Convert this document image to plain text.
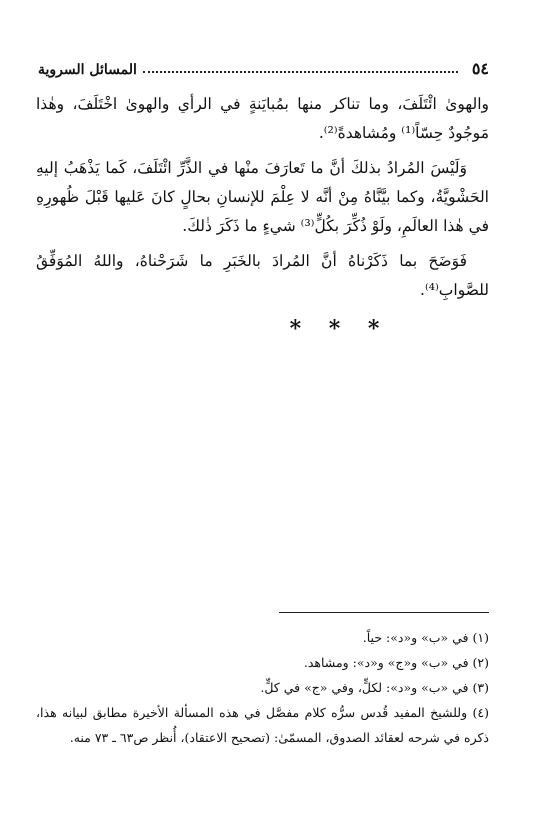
٥٤
المسائل السروية

والهوىٰ ائْتَلَفَ، وما تناكر منها بمُبايَنةٍ في الرأي والهوىٰ اخْتَلَفَ، وهٰذا مَوجُودٌ حِسّاً⁽¹⁾ ومُشاهدةً⁽²⁾.

وَلَيْسَ المُرادُ بذلكَ أنَّ ما تَعارَفَ منْها في الذَّرِّ ائْتَلَفَ، كَما يَذْهَبُ إليهِ الحَشْويَّةُ، وكما بيَّنَّاهُ مِنْ أنَّه لا عِلْمَ للإنسانِ بحالٍ كانَ عَليها قَبْلَ ظُهورِهِ في هٰذا العالَمِ، ولَوْ ذُكِّرَ بكُلٍّ⁽³⁾ شيءٍ ما ذَكَرَ ذٰلكَ.

فَوَضَحَ بما ذَكَرْناهُ أنَّ المُرادَ بالخَبَرِ ما شَرَحْناهُ، واللهُ المُوَفِّقُ للصَّوابِ⁽⁴⁾.

* * *

(١) في «ب» و«د»: حياً.

(٢) في «ب» و«ج» و«د»: ومشاهد.

(٣) في «ب» و«د»: لكلٍّ، وفي «ج» في كلٍّ.

(٤) وللشيخ المفيد قُدس سرُّه كلام مفصَّل في هذه المسألة الأخيرة مطابق لبيانه هذا، ذكره في شرحه لعقائد الصدوق، المسمّىٰ: (تصحيح الاعتقاد)، أُنظر ص٦٣ ـ ٧٣ منه.
